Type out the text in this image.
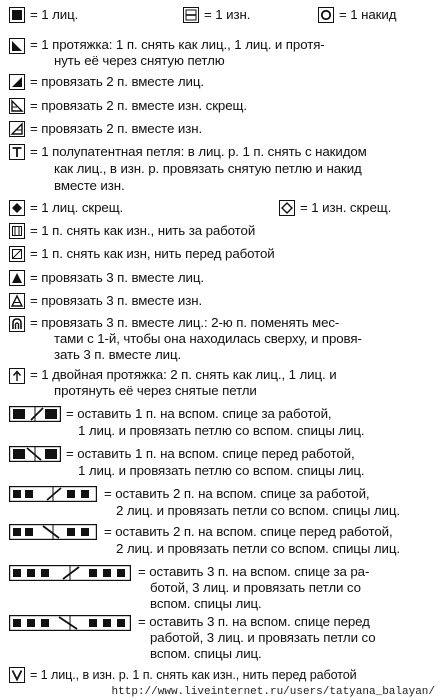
= 1 лиц.	= 1 изн.	= 1 накид
= 1 протяжка: 1 п. снять как лиц., 1 лиц. и протя-
нуть её через снятую петлю
= провязать 2 п. вместе лиц.
= провязать 2 п. вместе изн. скрещ.
= провязать 2 п. вместе изн.
= 1 полупатентная петля: в лиц. р. 1 п. снять с накидом
как лиц., в изн. р. провязать снятую петлю и накид
вместе изн.
= 1 лиц. скрещ.	= 1 изн. скрещ.
= 1 п. снять как изн., нить за работой
= 1 п. снять как изн, нить перед работой
= провязать 3 п. вместе лиц.
= провязать 3 п. вместе изн.
= провязать 3 п. вместе лиц.: 2-ю п. поменять мес-
тами с 1-й, чтобы она находилась сверху, и провя-
зать 3 п. вместе лиц.
= 1 двойная протяжка: 2 п. снять как лиц., 1 лиц. и
протянуть её через снятые петли
= оставить 1 п. на вспом. спице за работой,
1 лиц. и провязать петлю со вспом. спицы лиц.
= оставить 1 п. на вспом. спице перед работой,
1 лиц. и провязать петлю со вспом. спицы лиц.
= оставить 2 п. на вспом. спице за работой,
2 лиц. и провязать петли со вспом. спицы лиц.
= оставить 2 п. на вспом. спице перед работой,
2 лиц. и провязать петли со вспом. спицы лиц.
= оставить 3 п. на вспом. спице за ра-
ботой, 3 лиц. и провязать петли со
вспом. спицы лиц.
= оставить 3 п. на вспом. спице перед
работой, 3 лиц. и провязать петли со
вспом. спицы лиц.
= 1 лиц., в изн. р. 1 п. снять как изн., нить перед работой
http://www.liveinternet.ru/users/tatyana_balayan/
